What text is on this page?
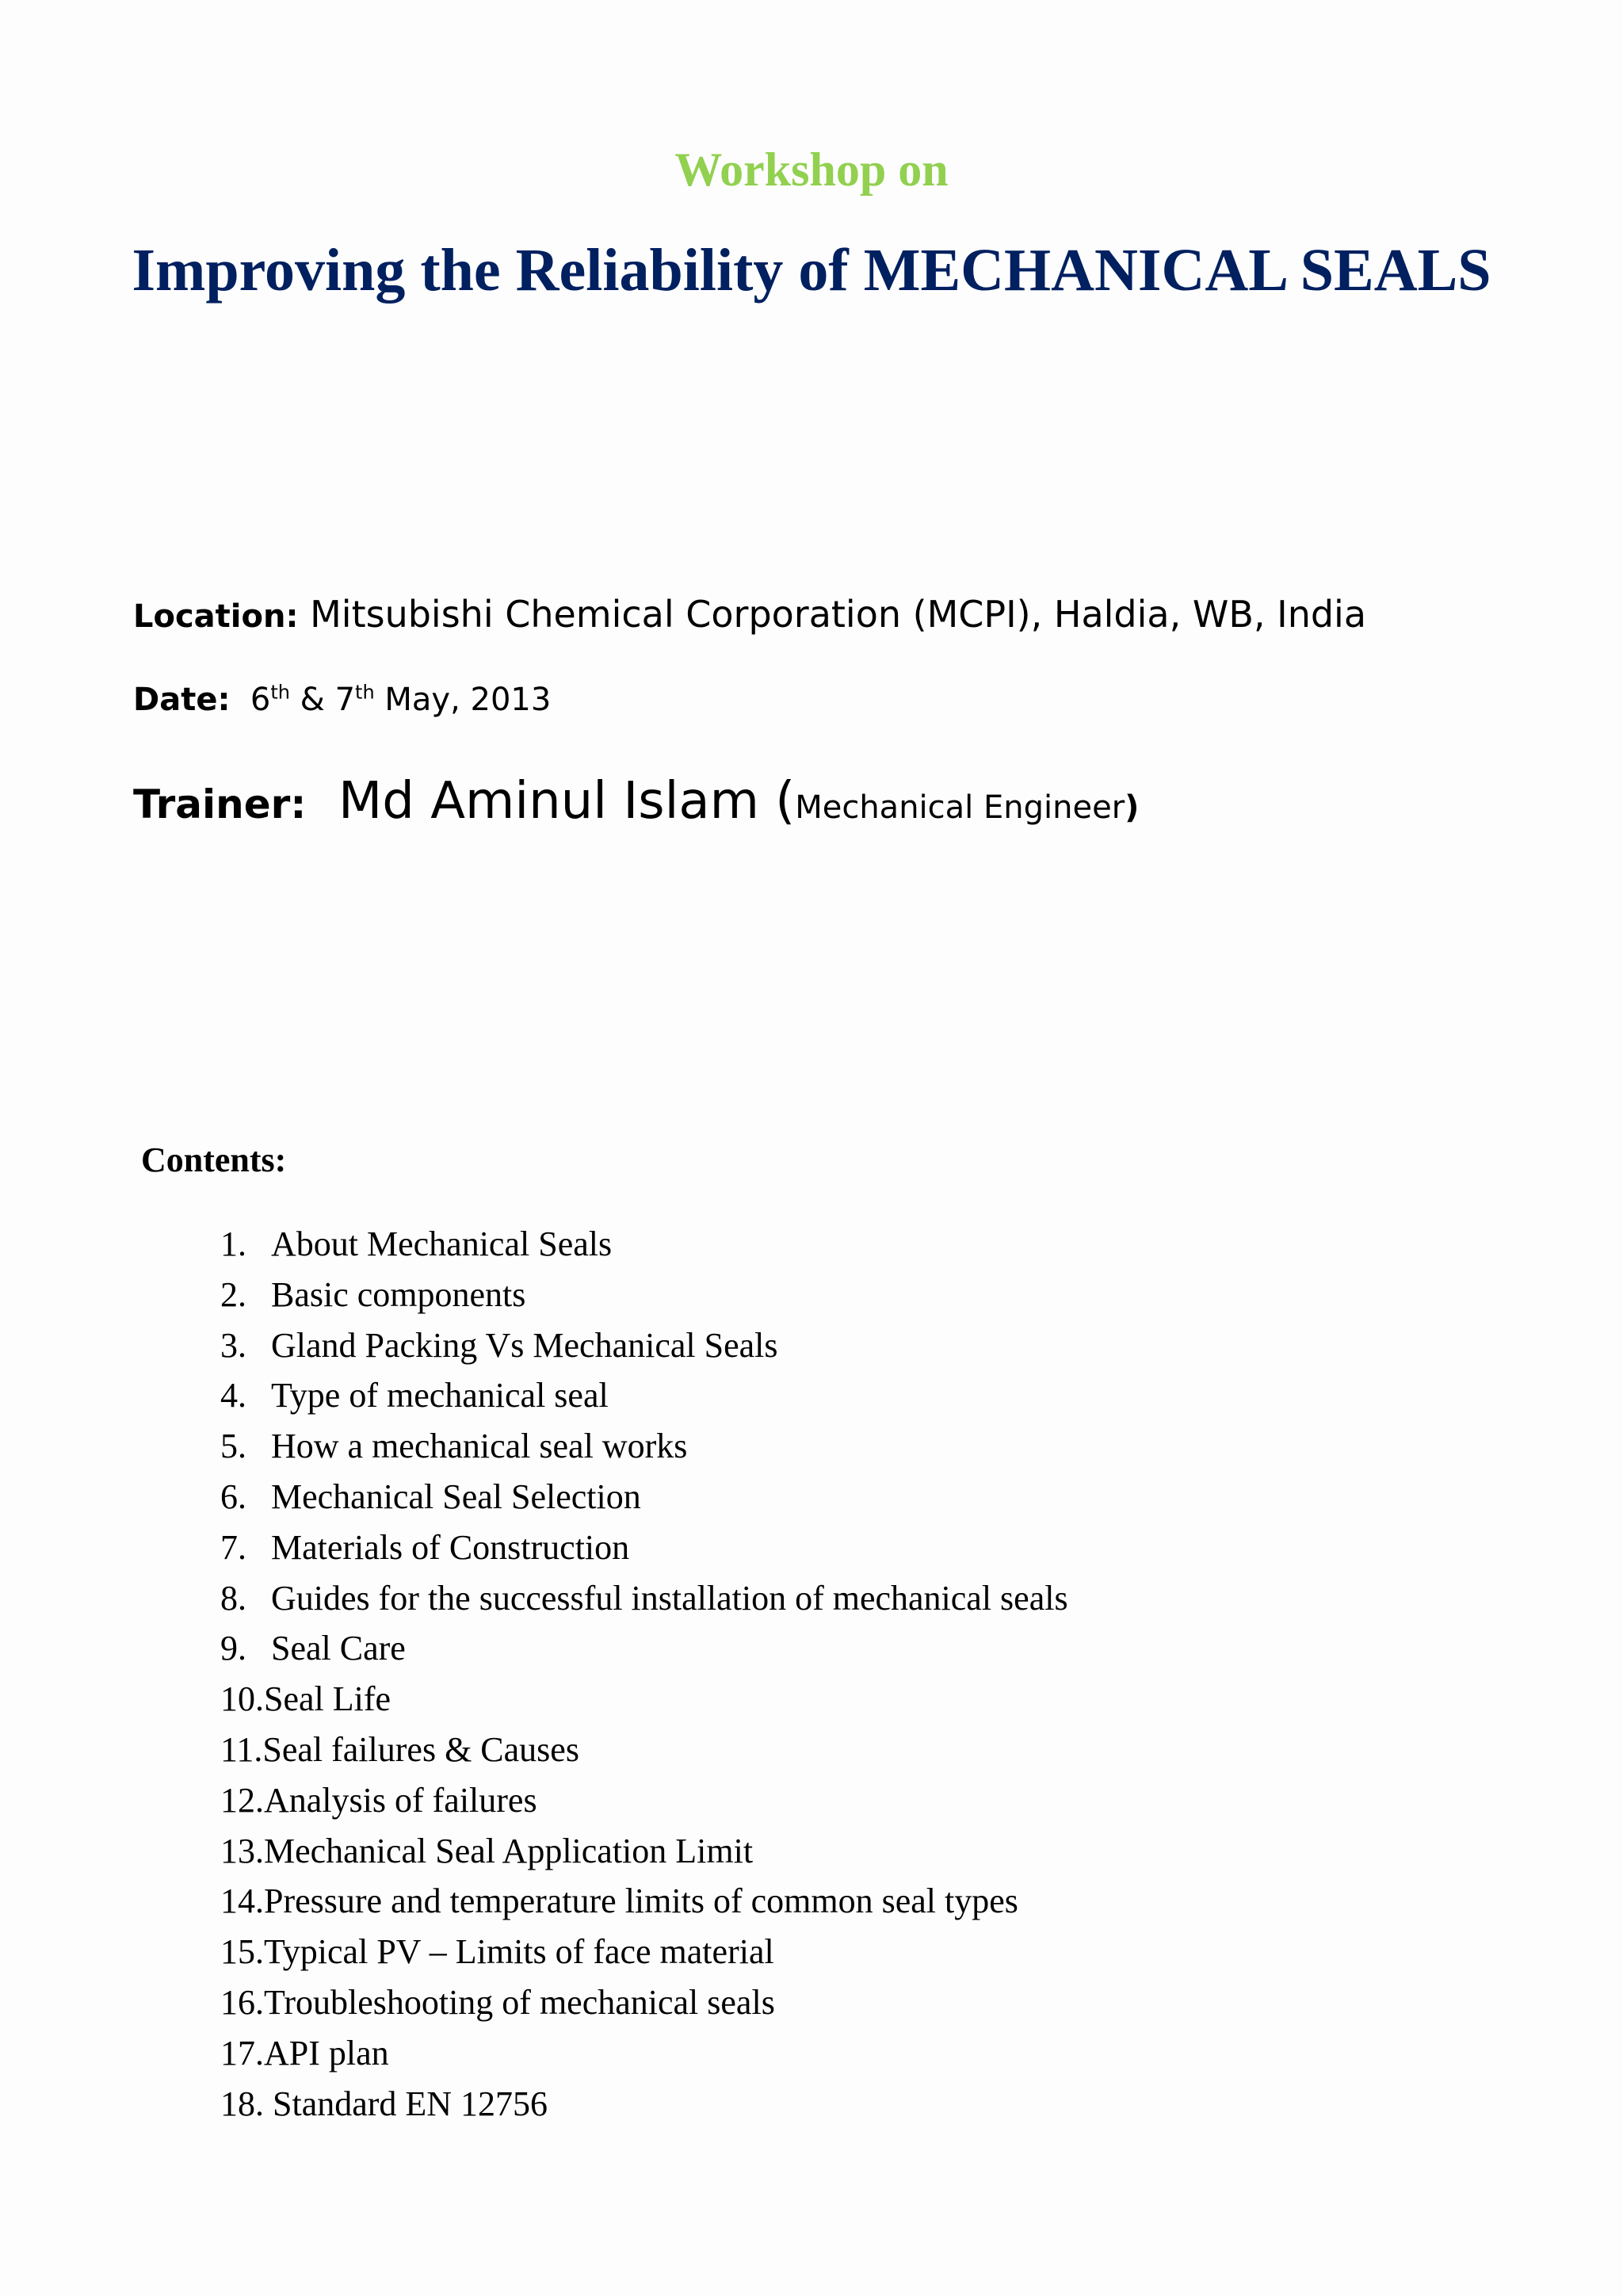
Workshop on
Improving the Reliability of MECHANICAL SEALS
Location: Mitsubishi Chemical Corporation (MCPI), Haldia, WB, India
Date: 6th & 7th May, 2013
Trainer: Md Aminul Islam (Mechanical Engineer)
Contents:
1. About Mechanical Seals
2. Basic components
3. Gland Packing Vs Mechanical Seals
4. Type of mechanical seal
5. How a mechanical seal works
6. Mechanical Seal Selection
7. Materials of Construction
8. Guides for the successful installation of mechanical seals
9. Seal Care
10.Seal Life
11.Seal failures & Causes
12.Analysis of failures
13.Mechanical Seal Application Limit
14.Pressure and temperature limits of common seal types
15.Typical PV – Limits of face material
16.Troubleshooting of mechanical seals
17.API plan
18. Standard EN 12756
